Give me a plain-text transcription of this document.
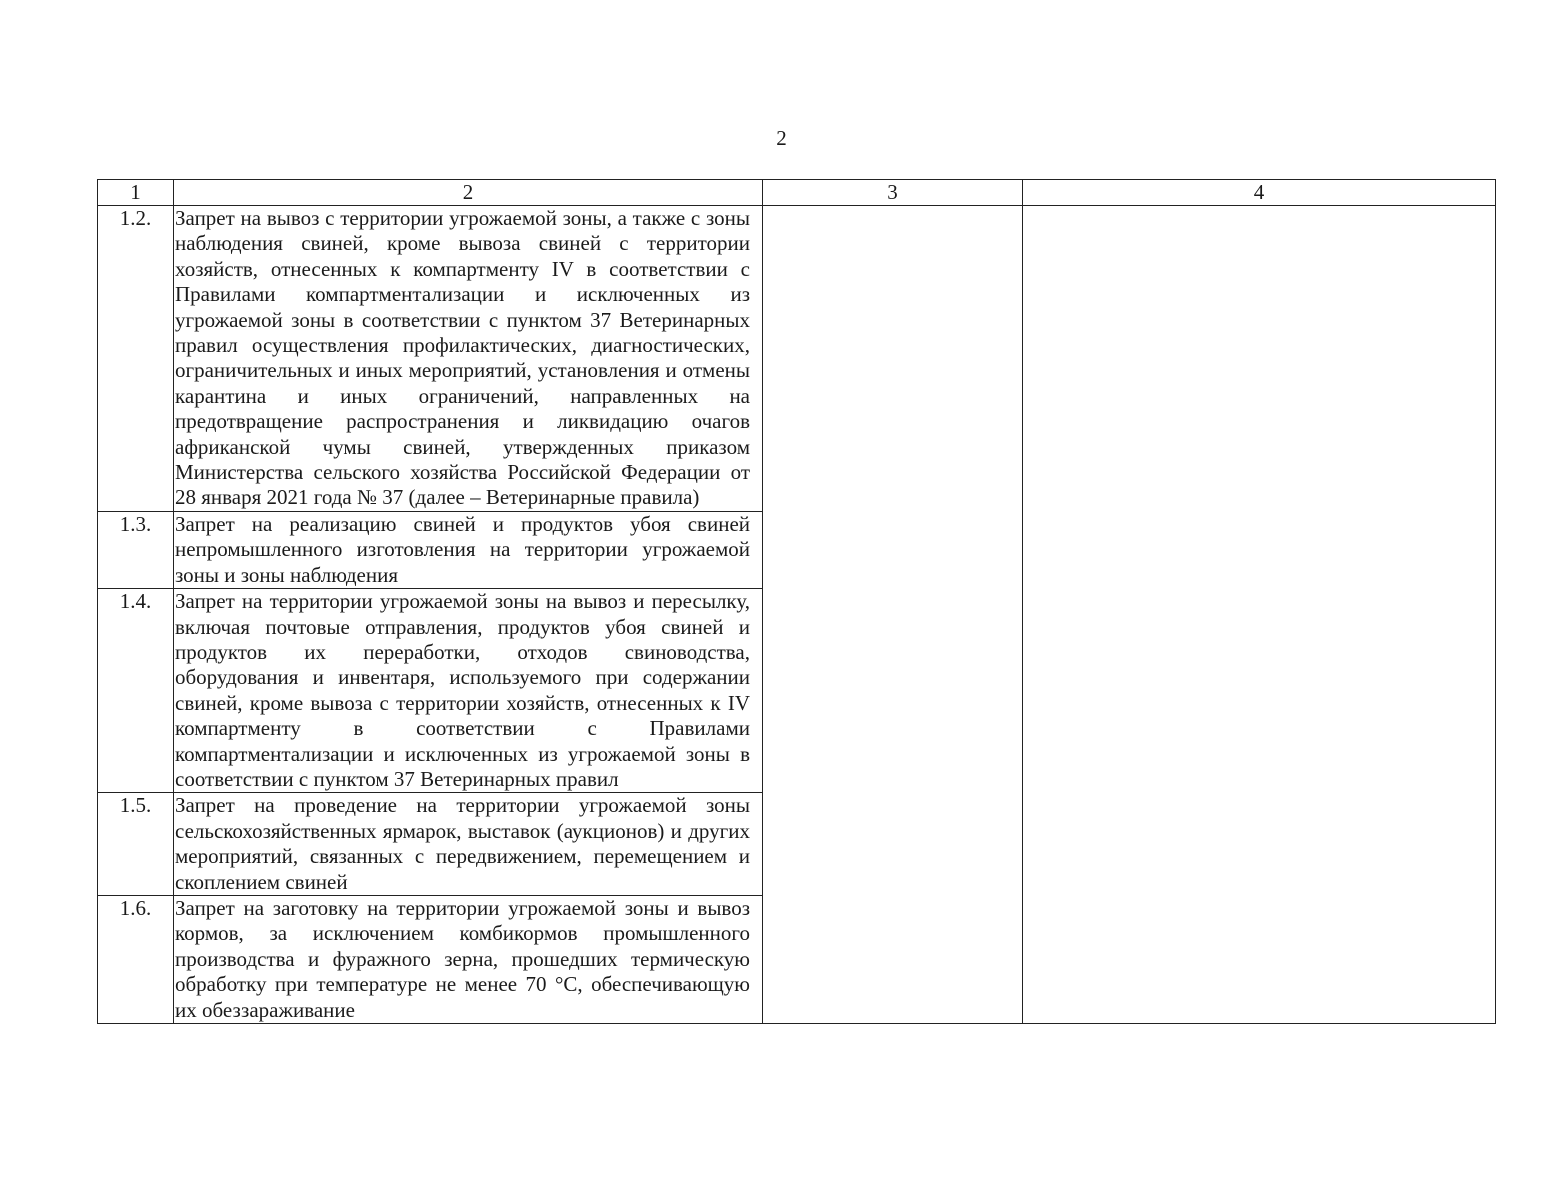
2
1	2	3	4
1.2.	Запрет на вывоз с территории угрожаемой зоны, а также с зоны наблюдения свиней, кроме вывоза свиней с территории хозяйств, отнесенных к компартменту IV в соответствии с Правилами компартментализации и исключенных из угрожаемой зоны в соответствии с пунктом 37 Ветеринарных правил осуществления профилактических, диагностических, ограничительных и иных мероприятий, установления и отмены карантина и иных ограничений, направленных на предотвращение распространения и ликвидацию очагов африканской чумы свиней, утвержденных приказом Министерства сельского хозяйства Российской Федерации от 28 января 2021 года № 37 (далее – Ветеринарные правила)		
1.3.	Запрет на реализацию свиней и продуктов убоя свиней непромышленного изготовления на территории угрожаемой зоны и зоны наблюдения		
1.4.	Запрет на территории угрожаемой зоны на вывоз и пересылку, включая почтовые отправления, продуктов убоя свиней и продуктов их переработки, отходов свиноводства, оборудования и инвентаря, используемого при содержании свиней, кроме вывоза с территории хозяйств, отнесенных к IV компартменту в соответствии с Правилами компартментализации и исключенных из угрожаемой зоны в соответствии с пунктом 37 Ветеринарных правил		
1.5.	Запрет на проведение на территории угрожаемой зоны сельскохозяйственных ярмарок, выставок (аукционов) и других мероприятий, связанных с передвижением, перемещением и скоплением свиней		
1.6.	Запрет на заготовку на территории угрожаемой зоны и вывоз кормов, за исключением комбикормов промышленного производства и фуражного зерна, прошедших термическую обработку при температуре не менее 70 °С, обеспечивающую их обеззараживание		
